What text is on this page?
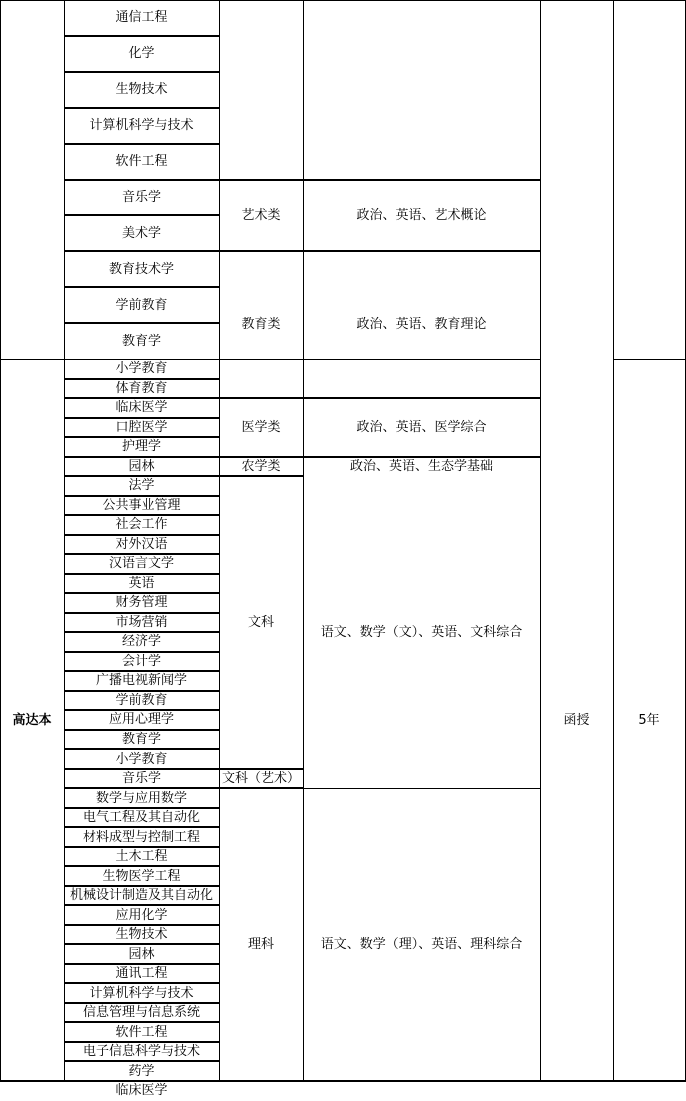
高达本
通信工程
化学
生物技术
计算机科学与技术
软件工程
音乐学
美术学
教育技术学
学前教育
教育学
小学教育
体育教育
临床医学
口腔医学
护理学
园林
法学
公共事业管理
社会工作
对外汉语
汉语言文学
英语
财务管理
市场营销
经济学
会计学
广播电视新闻学
学前教育
应用心理学
教育学
小学教育
音乐学
数学与应用数学
电气工程及其自动化
材料成型与控制工程
土木工程
生物医学工程
机械设计制造及其自动化
应用化学
生物技术
园林
通讯工程
计算机科学与技术
信息管理与信息系统
软件工程
电子信息科学与技术
药学
临床医学
艺术类
教育类
医学类
农学类
文科
文科（艺术）
理科
政治、英语、艺术概论
政治、英语、教育理论
政治、英语、医学综合
政治、英语、生态学基础
语文、数学（文）、英语、文科综合
语文、数学（理）、英语、理科综合
函授	5年
